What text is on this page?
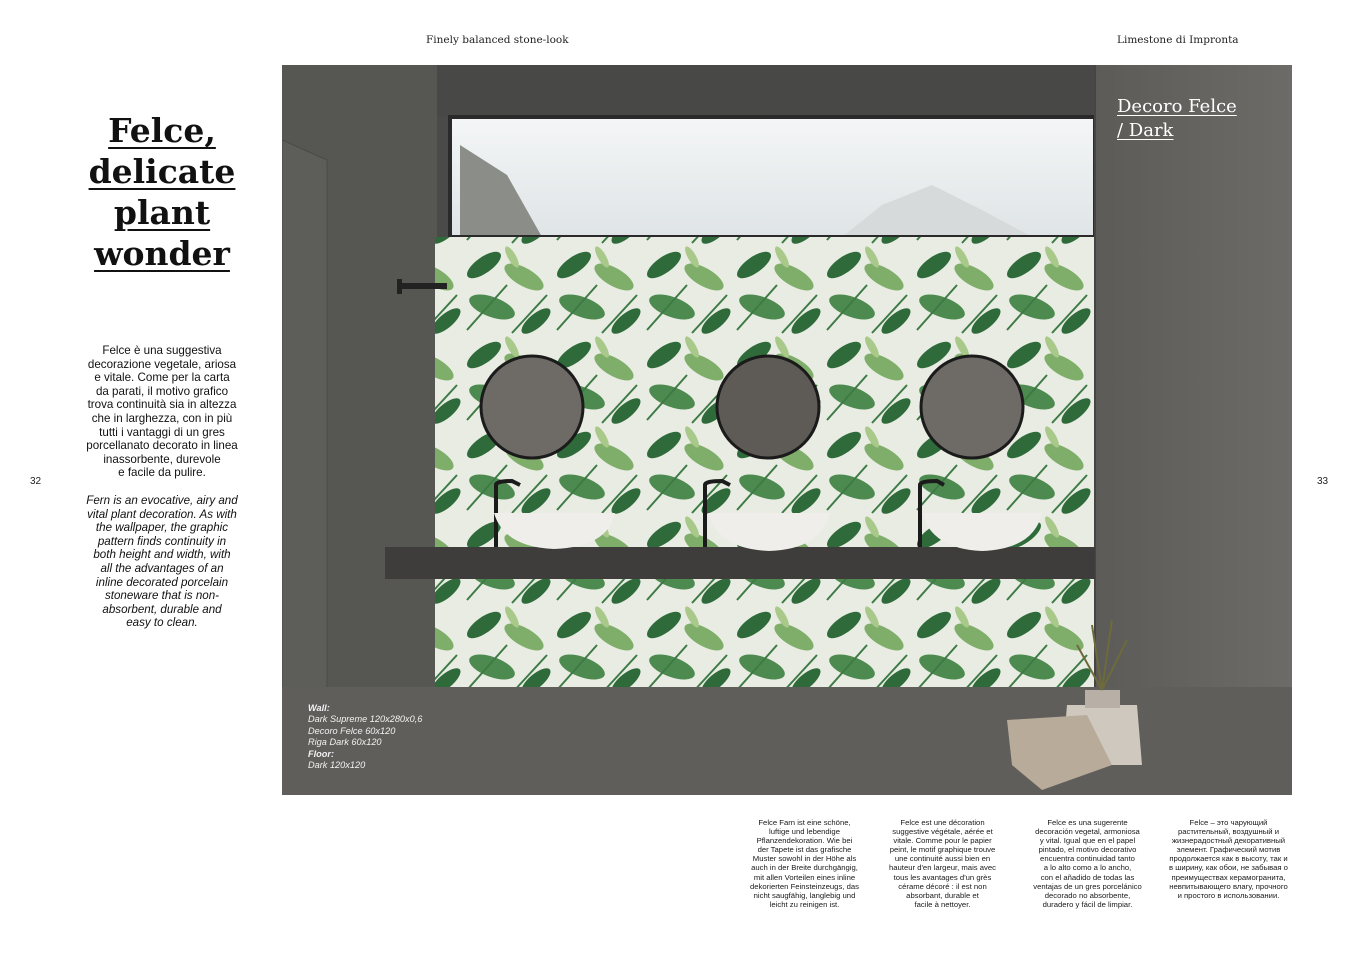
Finely balanced stone-look	Limestone di Impronta
32	33
Felce,
delicate
plant
wonder
Felce è una suggestiva
decorazione vegetale, ariosa
e vitale. Come per la carta
da parati, il motivo grafico
trova continuità sia in altezza
che in larghezza, con in più
tutti i vantaggi di un gres
porcellanato decorato in linea
inassorbente, durevole
e facile da pulire.
Fern is an evocative, airy and
vital plant decoration. As with
the wallpaper, the graphic
pattern finds continuity in
both height and width, with
all the advantages of an
inline decorated porcelain
stoneware that is non-
absorbent, durable and
easy to clean.
Decoro Felce
/ Dark
Wall:
Dark Supreme 120x280x0,6
Decoro Felce 60x120
Riga Dark 60x120
Floor:
Dark 120x120
Felce Farn ist eine schöne,
luftige und lebendige
Pflanzendekoration. Wie bei
der Tapete ist das grafische
Muster sowohl in der Höhe als
auch in der Breite durchgängig,
mit allen Vorteilen eines inline
dekorierten Feinsteinzeugs, das
nicht saugfähig, langlebig und
leicht zu reinigen ist.
Felce est une décoration
suggestive végétale, aérée et
vitale. Comme pour le papier
peint, le motif graphique trouve
une continuité aussi bien en
hauteur d'en largeur, mais avec
tous les avantages d'un grès
cérame décoré : il est non
absorbant, durable et
facile à nettoyer.
Felce es una sugerente
decoración vegetal, armoniosa
y vital. Igual que en el papel
pintado, el motivo decorativo
encuentra continuidad tanto
a lo alto como a lo ancho,
con el añadido de todas las
ventajas de un gres porcelánico
decorado no absorbente,
duradero y fácil de limpiar.
Felce – это чарующий
растительный, воздушный и
жизнерадостный декоративный
элемент. Графический мотив
продолжается как в высоту, так и
в ширину, как обои, не забывая о
преимуществах керамогранита,
невпитывающего влагу, прочного
и простого в использовании.
